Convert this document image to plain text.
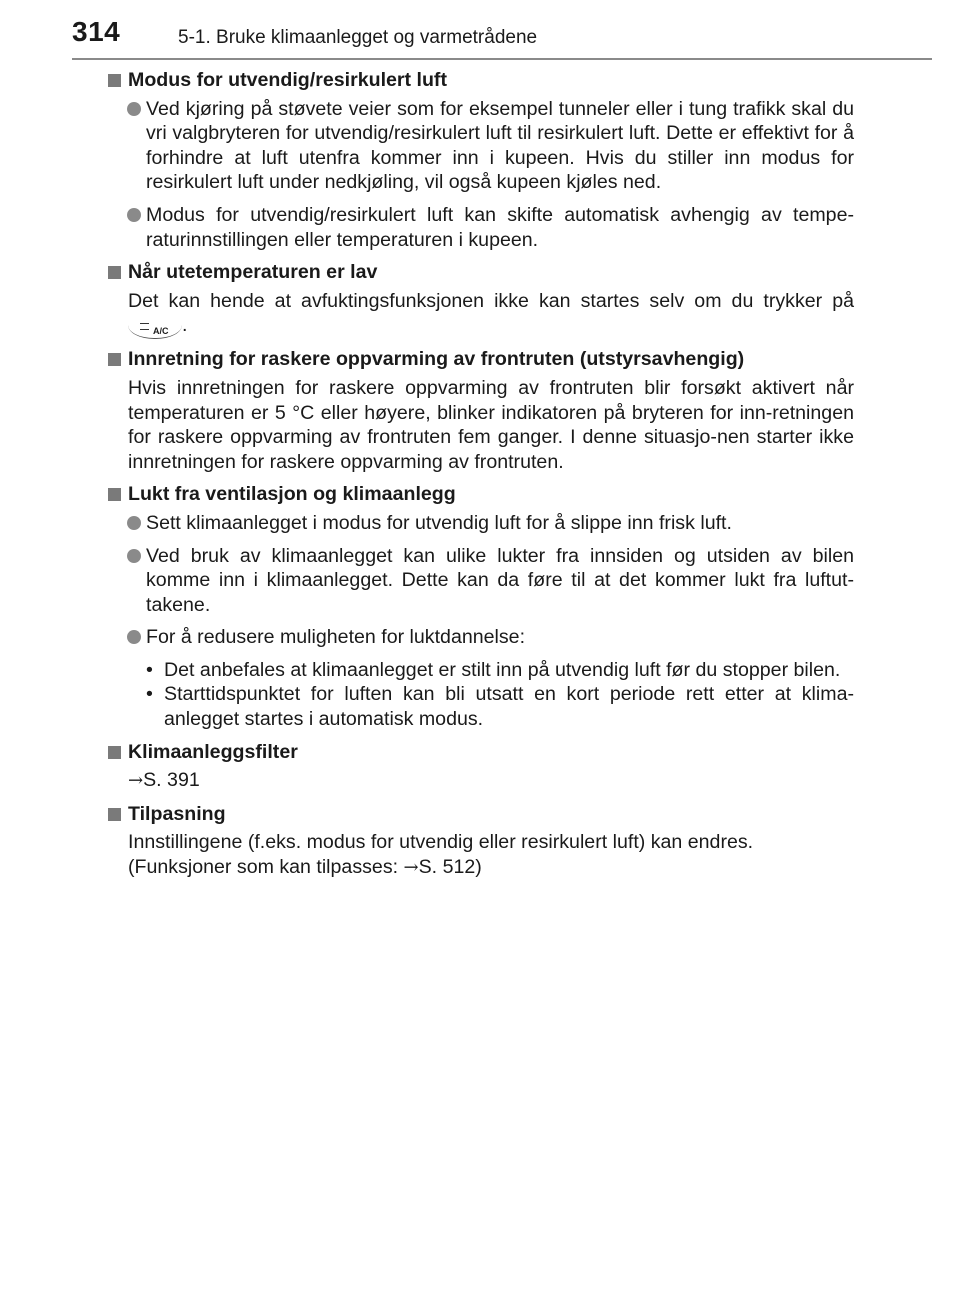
314	5-1. Bruke klimaanlegget og varmetrådene
Modus for utvendig/resirkulert luft
Ved kjøring på støvete veier som for eksempel tunneler eller i tung trafikk skal du vri valgbryteren for utvendig/resirkulert luft til resirkulert luft. Dette er effektivt for å forhindre at luft utenfra kommer inn i kupeen. Hvis du stiller inn modus for resirkulert luft under nedkjøling, vil også kupeen kjøles ned.
Modus for utvendig/resirkulert luft kan skifte automatisk avhengig av tempe-raturinnstillingen eller temperaturen i kupeen.
Når utetemperaturen er lav
Det kan hende at avfuktingsfunksjonen ikke kan startes selv om du trykker på
A/C .
Innretning for raskere oppvarming av frontruten (utstyrsavhengig)
Hvis innretningen for raskere oppvarming av frontruten blir forsøkt aktivert når temperaturen er 5 °C eller høyere, blinker indikatoren på bryteren for inn-retningen for raskere oppvarming av frontruten fem ganger. I denne situasjo-nen starter ikke innretningen for raskere oppvarming av frontruten.
Lukt fra ventilasjon og klimaanlegg
Sett klimaanlegget i modus for utvendig luft for å slippe inn frisk luft.
Ved bruk av klimaanlegget kan ulike lukter fra innsiden og utsiden av bilen komme inn i klimaanlegget. Dette kan da føre til at det kommer lukt fra luftut-takene.
For å redusere muligheten for luktdannelse:
• Det anbefales at klimaanlegget er stilt inn på utvendig luft før du stopper bilen.
• Starttidspunktet for luften kan bli utsatt en kort periode rett etter at klima-anlegget startes i automatisk modus.
Klimaanleggsfilter
→S. 391
Tilpasning
Innstillingene (f.eks. modus for utvendig eller resirkulert luft) kan endres.
(Funksjoner som kan tilpasses: →S. 512)
